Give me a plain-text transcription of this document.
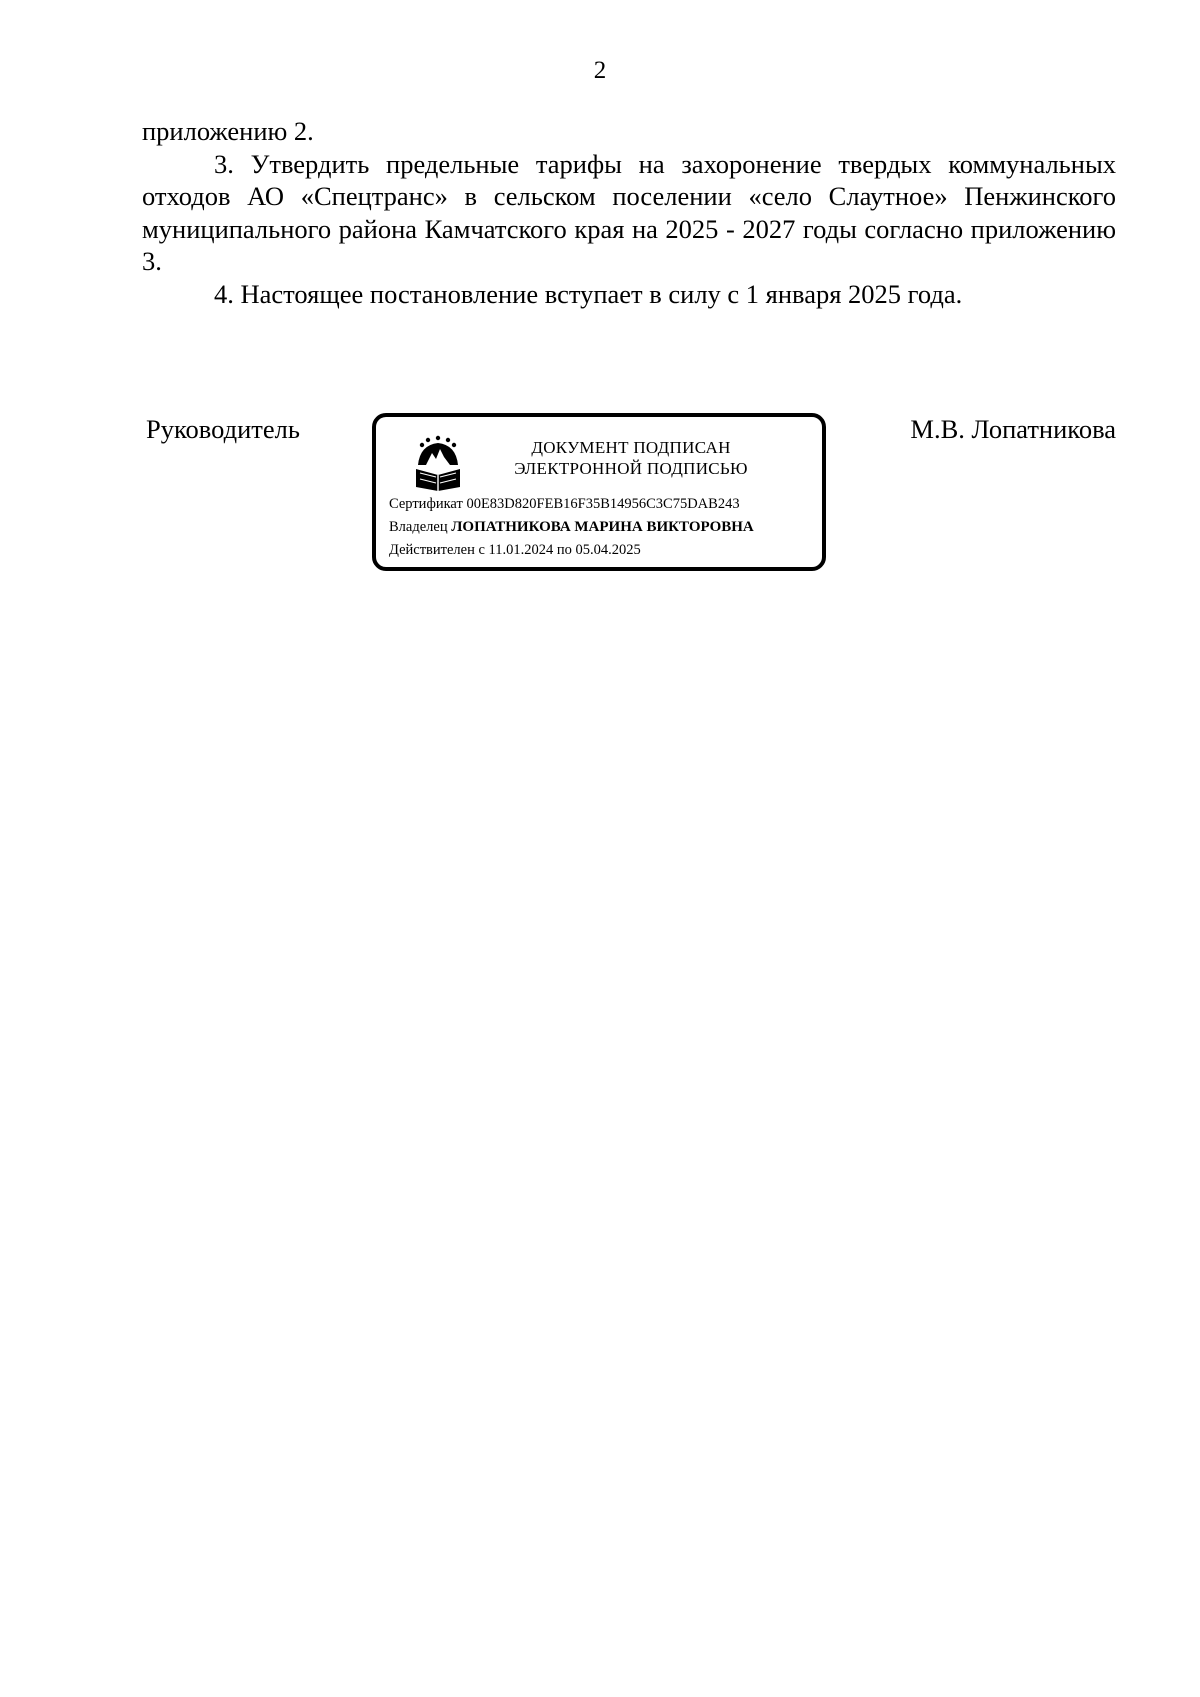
2

приложению 2.

3. Утвердить предельные тарифы на захоронение твердых коммунальных отходов АО «Спецтранс» в сельском поселении «село Слаутное» Пенжинского муниципального района Камчатского края на 2025 - 2027 годы согласно приложению 3.

4. Настоящее постановление вступает в силу с 1 января 2025 года.

Руководитель
ДОКУМЕНТ ПОДПИСАН
ЭЛЕКТРОННОЙ ПОДПИСЬЮ
Сертификат 00E83D820FEB16F35B14956C3C75DAB243
Владелец ЛОПАТНИКОВА МАРИНА ВИКТОРОВНА
Действителен с 11.01.2024 по 05.04.2025
М.В. Лопатникова
